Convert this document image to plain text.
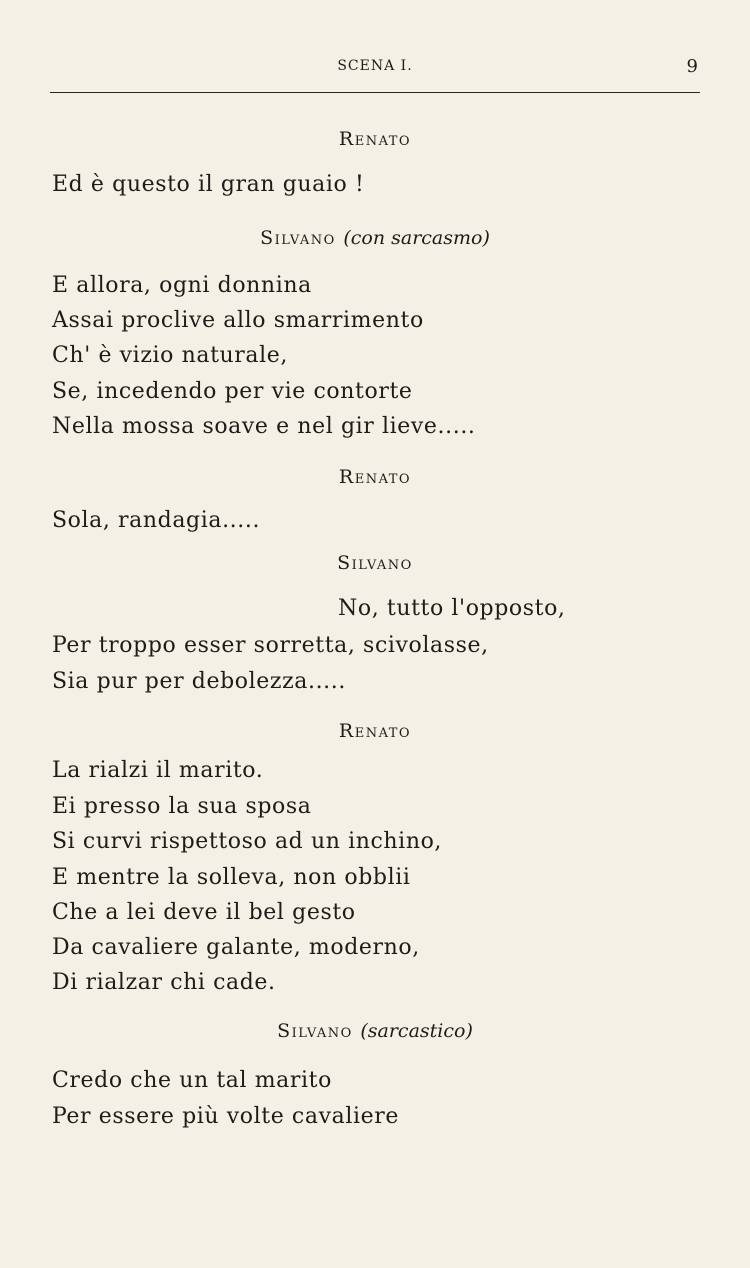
SCENA I.	9
Renato
Ed è questo il gran guaio !
Silvano (con sarcasmo)
E allora, ogni donnina
Assai proclive allo smarrimento
Ch' è vizio naturale,
Se, incedendo per vie contorte
Nella mossa soave e nel gir lieve.....
Renato
Sola, randagia.....
Silvano
No, tutto l'opposto,
Per troppo esser sorretta, scivolasse,
Sia pur per debolezza.....
Renato
La rialzi il marito.
Ei presso la sua sposa
Si curvi rispettoso ad un inchino,
E mentre la solleva, non obblii
Che a lei deve il bel gesto
Da cavaliere galante, moderno,
Di rialzar chi cade.
Silvano (sarcastico)
Credo che un tal marito
Per essere più volte cavaliere
